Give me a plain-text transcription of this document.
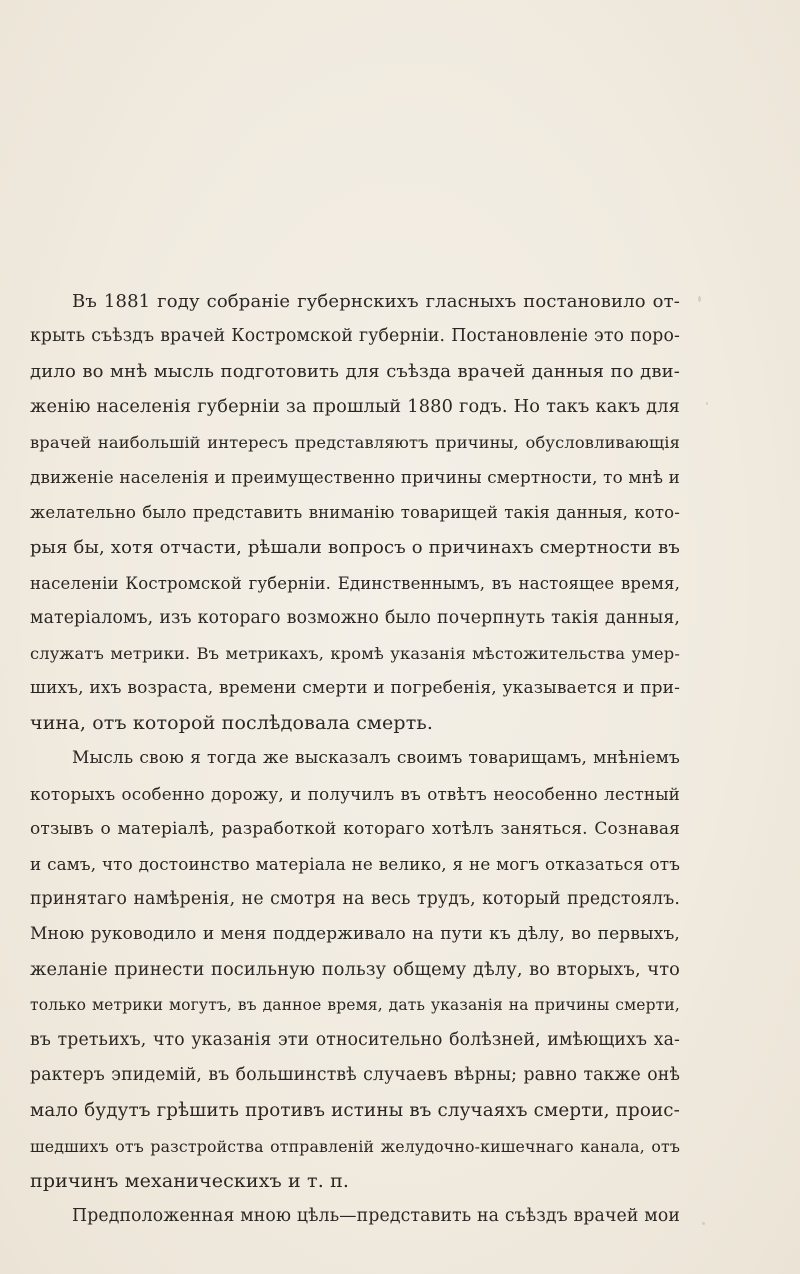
Въ 1881 году собраніе губернскихъ гласныхъ постановило от-
крыть съѣздъ врачей Костромской губерніи. Постановленіе это поро-
дило во мнѣ мысль подготовить для съѣзда врачей данныя по дви-
женію населенія губерніи за прошлый 1880 годъ. Но такъ какъ для
врачей наибольшій интересъ представляютъ причины, обусловливающія
движеніе населенія и преимущественно причины смертности, то мнѣ и
желательно было представить вниманію товарищей такія данныя, кото-
рыя бы, хотя отчасти, рѣшали вопросъ о причинахъ смертности въ
населеніи Костромской губерніи. Единственнымъ, въ настоящее время,
матеріаломъ, изъ котораго возможно было почерпнуть такія данныя,
служатъ метрики. Въ метрикахъ, кромѣ указанія мѣстожительства умер-
шихъ, ихъ возраста, времени смерти и погребенія, указывается и при-
чина, отъ которой послѣдовала смерть.
Мысль свою я тогда же высказалъ своимъ товарищамъ, мнѣніемъ
которыхъ особенно дорожу, и получилъ въ отвѣтъ неособенно лестный
отзывъ о матеріалѣ, разработкой котораго хотѣлъ заняться. Сознавая
и самъ, что достоинство матеріала не велико, я не могъ отказаться отъ
принятаго намѣренія, не смотря на весь трудъ, который предстоялъ.
Мною руководило и меня поддерживало на пути къ дѣлу, во первыхъ,
желаніе принести посильную пользу общему дѣлу, во вторыхъ, что
только метрики могутъ, въ данное время, дать указанія на причины смерти,
въ третьихъ, что указанія эти относительно болѣзней, имѣющихъ ха-
рактеръ эпидемій, въ большинствѣ случаевъ вѣрны; равно также онѣ
мало будутъ грѣшить противъ истины въ случаяхъ смерти, проис-
шедшихъ отъ разстройства отправленій желудочно-кишечнаго канала, отъ
причинъ механическихъ и т. п.
Предположенная мною цѣль—представить на съѣздъ врачей мои
